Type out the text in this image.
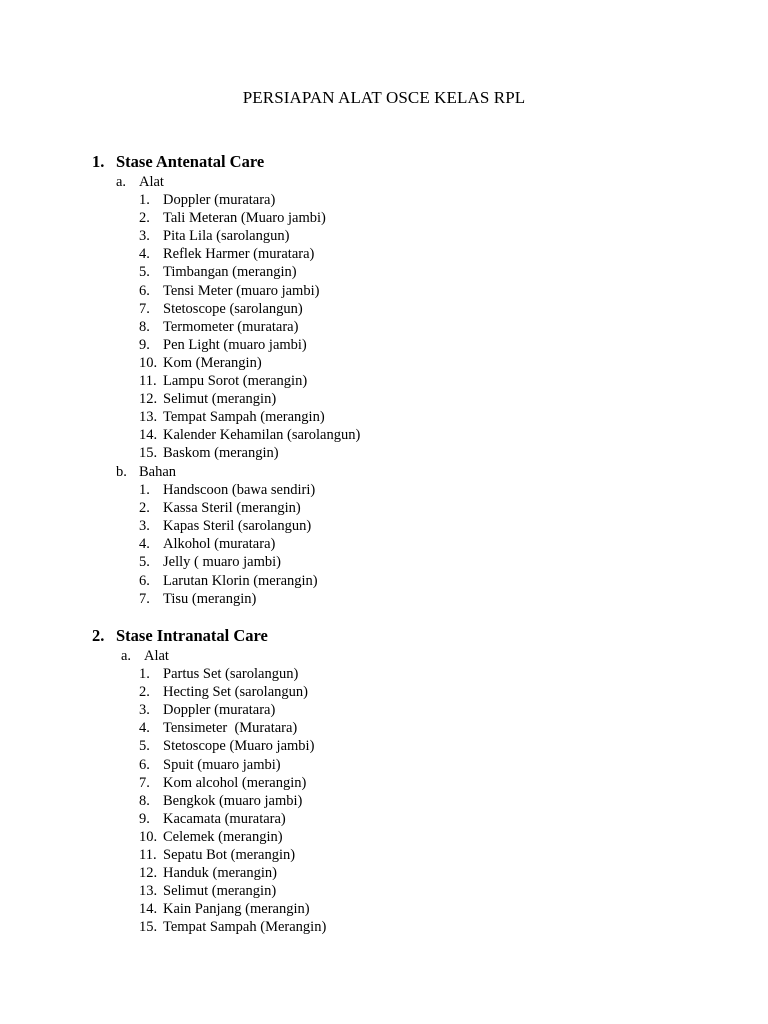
PERSIAPAN ALAT OSCE KELAS RPL
1. Stase Antenatal Care
a. Alat
1. Doppler (muratara)
2. Tali Meteran (Muaro jambi)
3. Pita Lila (sarolangun)
4. Reflek Harmer (muratara)
5. Timbangan (merangin)
6. Tensi Meter (muaro jambi)
7. Stetoscope (sarolangun)
8. Termometer (muratara)
9. Pen Light (muaro jambi)
10. Kom (Merangin)
11. Lampu Sorot (merangin)
12. Selimut (merangin)
13. Tempat Sampah (merangin)
14. Kalender Kehamilan (sarolangun)
15. Baskom (merangin)
b. Bahan
1. Handscoon (bawa sendiri)
2. Kassa Steril (merangin)
3. Kapas Steril (sarolangun)
4. Alkohol (muratara)
5. Jelly ( muaro jambi)
6. Larutan Klorin (merangin)
7. Tisu (merangin)
2. Stase Intranatal Care
a. Alat
1. Partus Set (sarolangun)
2. Hecting Set (sarolangun)
3. Doppler (muratara)
4. Tensimeter  (Muratara)
5. Stetoscope (Muaro jambi)
6. Spuit (muaro jambi)
7. Kom alcohol (merangin)
8. Bengkok (muaro jambi)
9. Kacamata (muratara)
10. Celemek (merangin)
11. Sepatu Bot (merangin)
12. Handuk (merangin)
13. Selimut (merangin)
14. Kain Panjang (merangin)
15. Tempat Sampah (Merangin)
